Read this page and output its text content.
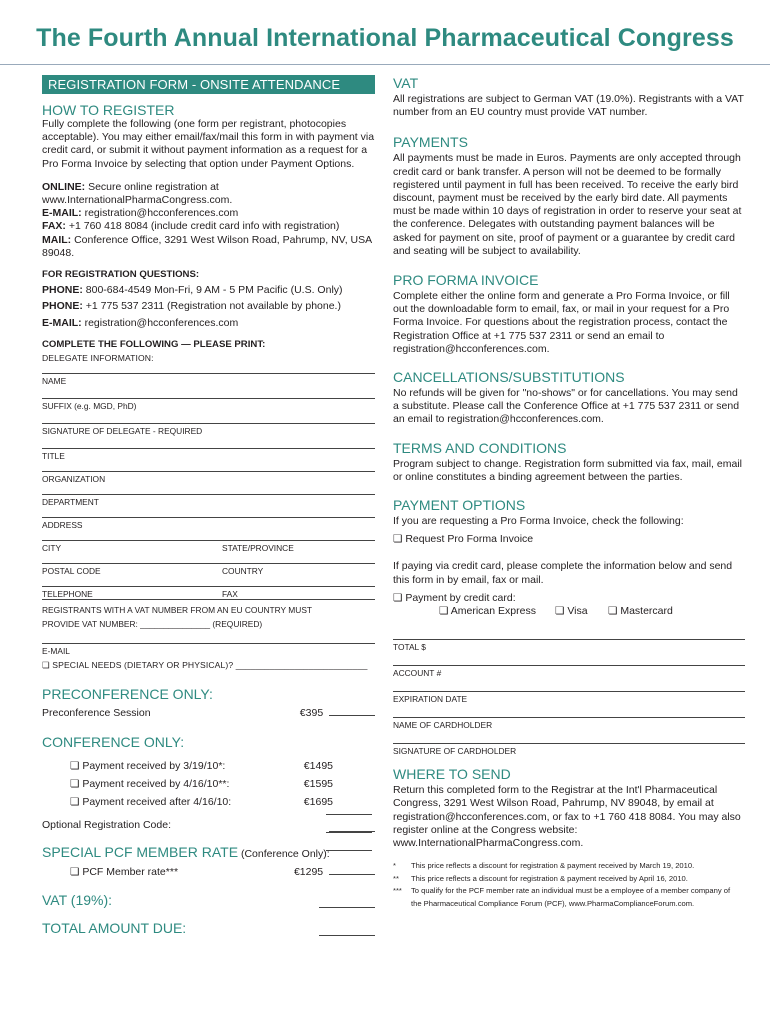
The Fourth Annual International Pharmaceutical Congress
REGISTRATION FORM - ONSITE ATTENDANCE
HOW TO REGISTER

Fully complete the following (one form per registrant, photocopies acceptable). You may either email/fax/mail this form in with payment via credit card, or submit it without payment information as a request for a Pro Forma Invoice by selecting that option under Payment Options.

ONLINE: Secure online registration at www.InternationalPharmaCongress.com.

E-MAIL: registration@hcconferences.com

FAX: +1 760 418 8084 (include credit card info with registration)

MAIL: Conference Office, 3291 West Wilson Road, Pahrump, NV, USA 89048.

FOR REGISTRATION QUESTIONS:

PHONE: 800-684-4549 Mon-Fri, 9 AM - 5 PM Pacific (U.S. Only)

PHONE: +1 775 537 2311 (Registration not available by phone.)

E-MAIL: registration@hcconferences.com

COMPLETE THE FOLLOWING — PLEASE PRINT:

DELEGATE INFORMATION:
NAME
SUFFIX (e.g. MGD, PhD)
SIGNATURE OF DELEGATE - REQUIRED
TITLE
ORGANIZATION
DEPARTMENT
ADDRESS
CITY	STATE/PROVINCE
POSTAL CODE	COUNTRY
TELEPHONE	FAX
REGISTRANTS WITH A VAT NUMBER FROM AN EU COUNTRY MUST
PROVIDE VAT NUMBER: _______________ (REQUIRED)
E-MAIL
❏ SPECIAL NEEDS (DIETARY OR PHYSICAL)? ___________________________
PRECONFERENCE ONLY:
Preconference Session	€395
CONFERENCE ONLY:
❏ Payment received by 3/19/10*:	€1495
❏ Payment received by 4/16/10**:	€1595
❏ Payment received after 4/16/10:	€1695
Optional Registration Code:
SPECIAL PCF MEMBER RATE (Conference Only):
❏ PCF Member rate***	€1295
VAT (19%):
TOTAL AMOUNT DUE:
VAT

All registrations are subject to German VAT (19.0%). Registrants with a VAT number from an EU country must provide VAT number.

PAYMENTS

All payments must be made in Euros. Payments are only accepted through credit card or bank transfer. A person will not be deemed to be formally registered until payment in full has been received. To receive the early bird discount, payment must be received by the early bird date. All payments must be made within 10 days of registration in order to reserve your seat at the conference. Delegates with outstanding payment balances will be asked for payment on site, proof of payment or a guarantee by credit card and seating will be subject to availability.

PRO FORMA INVOICE

Complete either the online form and generate a Pro Forma Invoice, or fill out the downloadable form to email, fax, or mail in your request for a Pro Forma Invoice. For questions about the registration process, contact the Registration Office at +1 775 537 2311 or send an email to registration@hcconferences.com.

CANCELLATIONS/SUBSTITUTIONS

No refunds will be given for "no-shows" or for cancellations. You may send a substitute. Please call the Conference Office at +1 775 537 2311 or send an email to registration@hcconferences.com.

TERMS AND CONDITIONS

Program subject to change. Registration form submitted via fax, mail, email or online constitutes a binding agreement between the parties.

PAYMENT OPTIONS

If you are requesting a Pro Forma Invoice, check the following:

❏ Request Pro Forma Invoice

If paying via credit card, please complete the information below and send this form in by email, fax or mail.

❏ Payment by credit card:

❏ American Express	❏ Visa	❏ Mastercard
TOTAL $
ACCOUNT #
EXPIRATION DATE
NAME OF CARDHOLDER
SIGNATURE OF CARDHOLDER
WHERE TO SEND

Return this completed form to the Registrar at the Int'l Pharmaceutical Congress, 3291 West Wilson Road, Pahrump, NV 89048, by email at registration@hcconferences.com, or fax to +1 760 418 8084. You may also register online at the Congress website: www.InternationalPharmaCongress.com.

*	This price reflects a discount for registration & payment received by March 19, 2010.
**	This price reflects a discount for registration & payment received by April 16, 2010.
***	To qualify for the PCF member rate an individual must be a employee of a member company of the Pharmaceutical Compliance Forum (PCF), www.PharmaComplianceForum.com.
